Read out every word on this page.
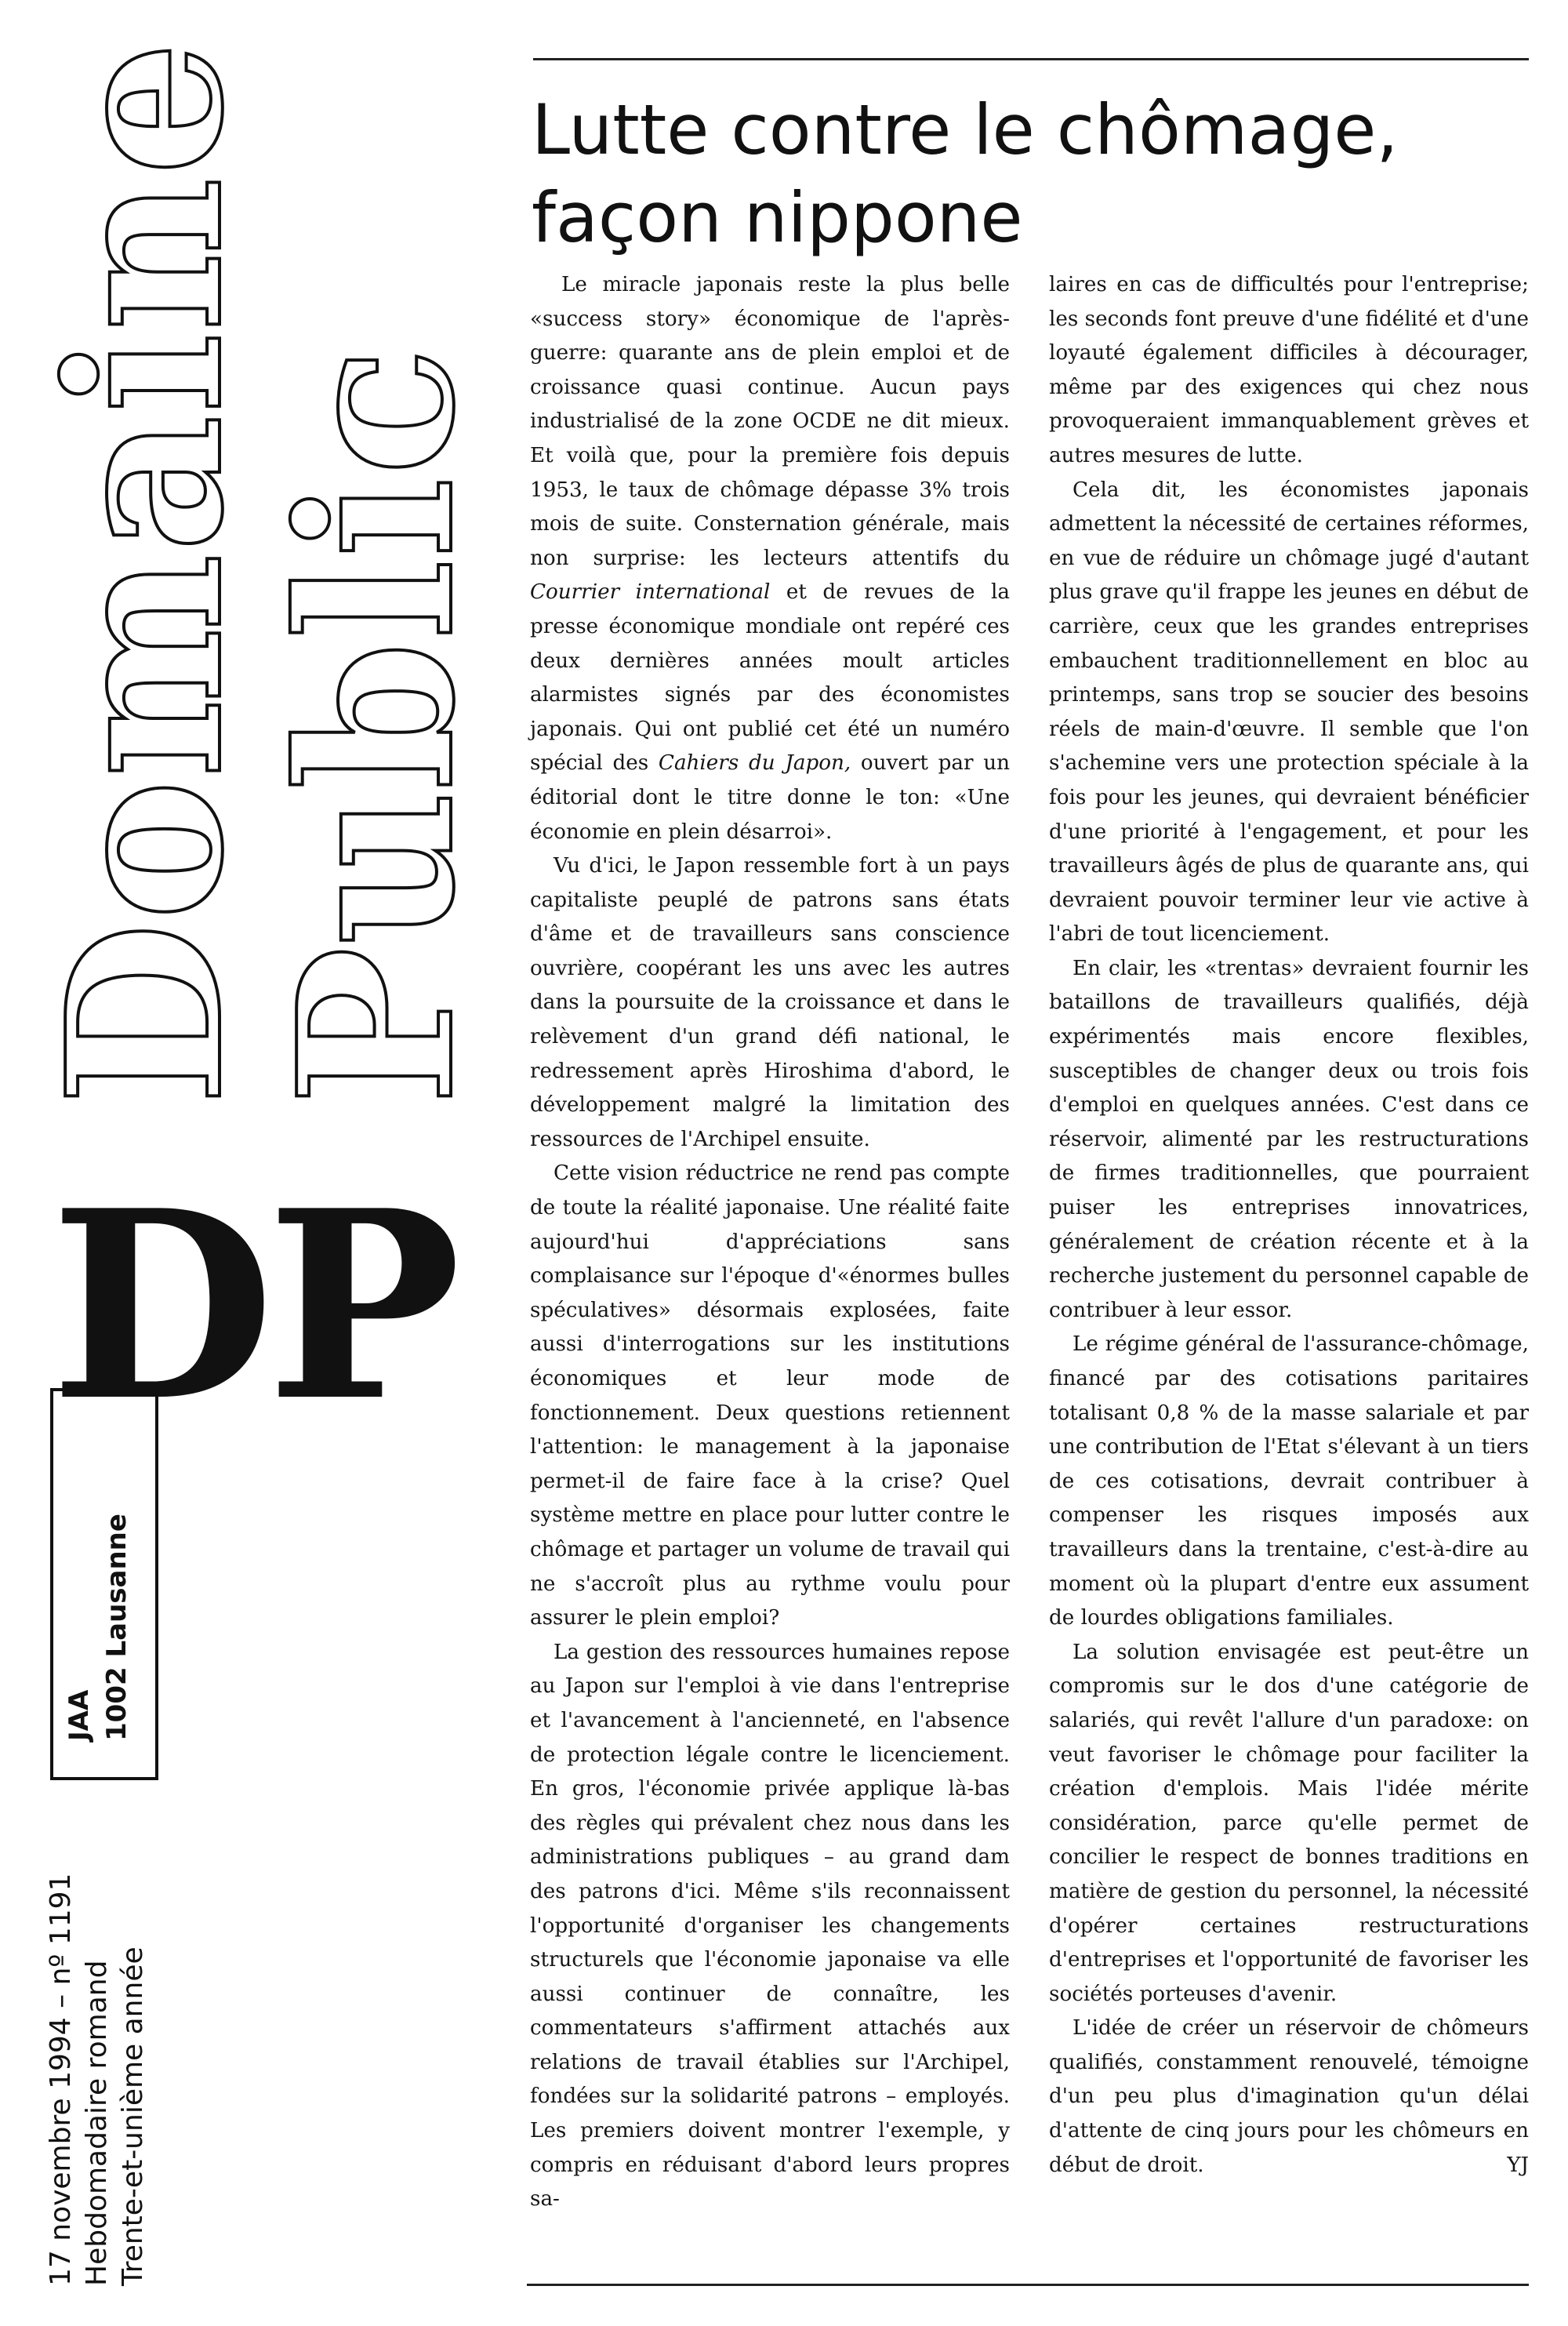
Domaine
Public
DP
JAA 1002 Lausanne
17 novembre 1994 – nº 1191 Hebdomadaire romand Trente-et-unième année
Lutte contre le chômage, façon nippone

Le miracle japonais reste la plus belle «success story» économique de l'après-guerre: quarante ans de plein emploi et de croissance quasi continue. Aucun pays industrialisé de la zone OCDE ne dit mieux. Et voilà que, pour la première fois depuis 1953, le taux de chômage dépasse 3% trois mois de suite. Consternation générale, mais non surprise: les lecteurs attentifs du Courrier international et de revues de la presse économique mondiale ont repéré ces deux dernières années moult articles alarmistes signés par des économistes japonais. Qui ont publié cet été un numéro spécial des Cahiers du Japon, ouvert par un éditorial dont le titre donne le ton: «Une économie en plein désarroi».

Vu d'ici, le Japon ressemble fort à un pays capitaliste peuplé de patrons sans états d'âme et de travailleurs sans conscience ouvrière, coopérant les uns avec les autres dans la poursuite de la croissance et dans le relèvement d'un grand défi national, le redressement après Hiroshima d'abord, le développement malgré la limitation des ressources de l'Archipel ensuite.

Cette vision réductrice ne rend pas compte de toute la réalité japonaise. Une réalité faite aujourd'hui d'appréciations sans complaisance sur l'époque d'«énormes bulles spéculatives» désormais explosées, faite aussi d'interrogations sur les institutions économiques et leur mode de fonctionnement. Deux questions retiennent l'attention: le management à la japonaise permet-il de faire face à la crise? Quel système mettre en place pour lutter contre le chômage et partager un volume de travail qui ne s'accroît plus au rythme voulu pour assurer le plein emploi?

La gestion des ressources humaines repose au Japon sur l'emploi à vie dans l'entreprise et l'avancement à l'ancienneté, en l'absence de protection légale contre le licenciement. En gros, l'économie privée applique là-bas des règles qui prévalent chez nous dans les administrations publiques – au grand dam des patrons d'ici. Même s'ils reconnaissent l'opportunité d'organiser les changements structurels que l'économie japonaise va elle aussi continuer de connaître, les commentateurs s'affirment attachés aux relations de travail établies sur l'Archipel, fondées sur la solidarité patrons – employés. Les premiers doivent montrer l'exemple, y compris en réduisant d'abord leurs propres sa-

laires en cas de difficultés pour l'entreprise; les seconds font preuve d'une fidélité et d'une loyauté également difficiles à décourager, même par des exigences qui chez nous provoqueraient immanquablement grèves et autres mesures de lutte.

Cela dit, les économistes japonais admettent la nécessité de certaines réformes, en vue de réduire un chômage jugé d'autant plus grave qu'il frappe les jeunes en début de carrière, ceux que les grandes entreprises embauchent traditionnellement en bloc au printemps, sans trop se soucier des besoins réels de main-d'œuvre. Il semble que l'on s'achemine vers une protection spéciale à la fois pour les jeunes, qui devraient bénéficier d'une priorité à l'engagement, et pour les travailleurs âgés de plus de quarante ans, qui devraient pouvoir terminer leur vie active à l'abri de tout licenciement.

En clair, les «trentas» devraient fournir les bataillons de travailleurs qualifiés, déjà expérimentés mais encore flexibles, susceptibles de changer deux ou trois fois d'emploi en quelques années. C'est dans ce réservoir, alimenté par les restructurations de firmes traditionnelles, que pourraient puiser les entreprises innovatrices, généralement de création récente et à la recherche justement du personnel capable de contribuer à leur essor.

Le régime général de l'assurance-chômage, financé par des cotisations paritaires totalisant 0,8 % de la masse salariale et par une contribution de l'Etat s'élevant à un tiers de ces cotisations, devrait contribuer à compenser les risques imposés aux travailleurs dans la trentaine, c'est-à-dire au moment où la plupart d'entre eux assument de lourdes obligations familiales.

La solution envisagée est peut-être un compromis sur le dos d'une catégorie de salariés, qui revêt l'allure d'un paradoxe: on veut favoriser le chômage pour faciliter la création d'emplois. Mais l'idée mérite considération, parce qu'elle permet de concilier le respect de bonnes traditions en matière de gestion du personnel, la nécessité d'opérer certaines restructurations d'entreprises et l'opportunité de favoriser les sociétés porteuses d'avenir.

L'idée de créer un réservoir de chômeurs qualifiés, constamment renouvelé, témoigne d'un peu plus d'imagination qu'un délai d'attente de cinq jours pour les chômeurs en début de droit.	YJ
